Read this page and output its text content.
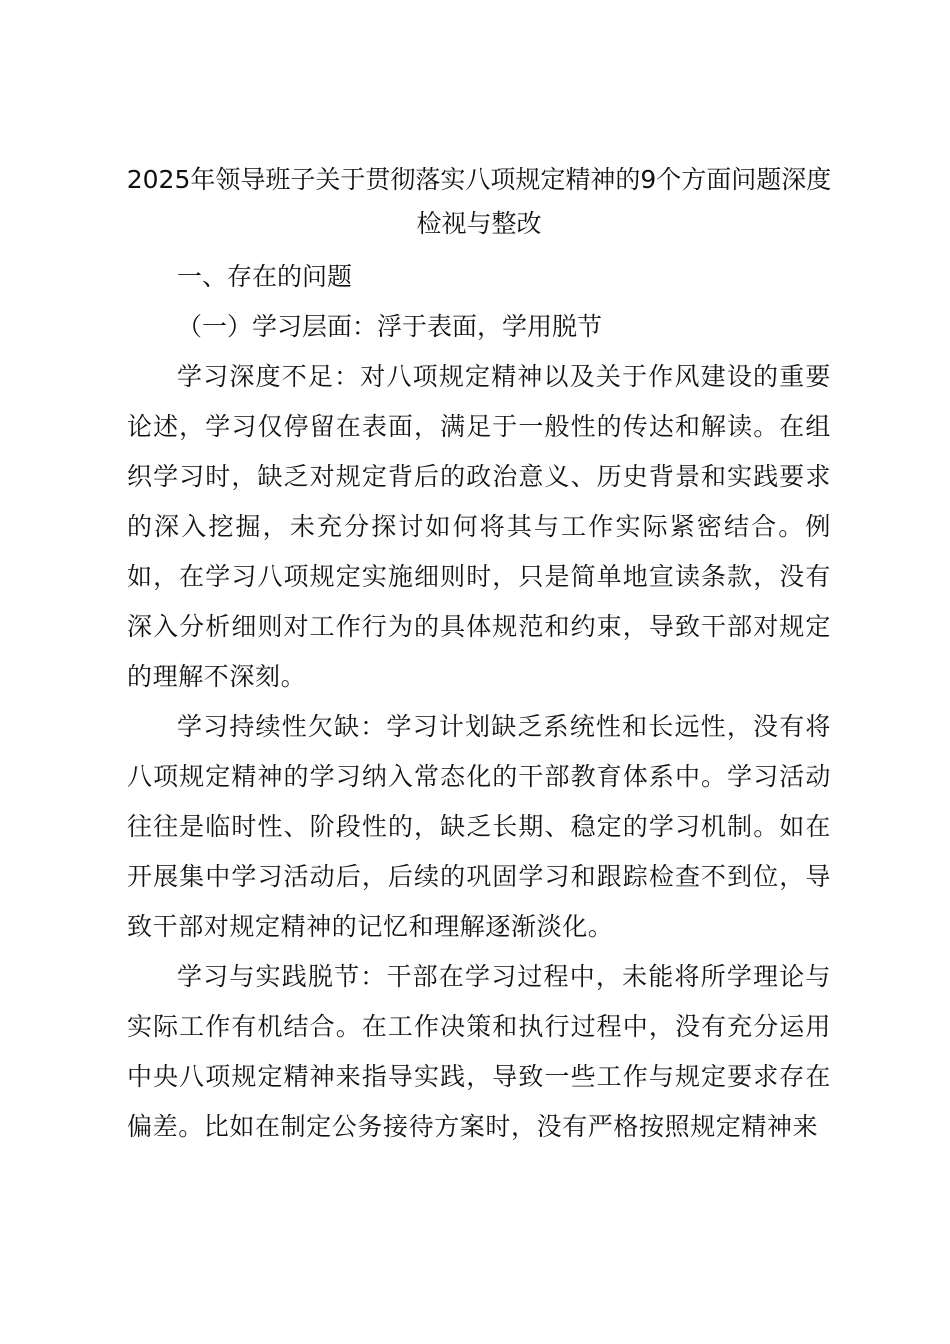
2025年领导班子关于贯彻落实八项规定精神的9个方面问题深度检视与整改

一、存在的问题

（一）学习层面：浮于表面，学用脱节

学习深度不足：对八项规定精神以及关于作风建设的重要论述，学习仅停留在表面，满足于一般性的传达和解读。在组织学习时，缺乏对规定背后的政治意义、历史背景和实践要求的深入挖掘，未充分探讨如何将其与工作实际紧密结合。例如，在学习八项规定实施细则时，只是简单地宣读条款，没有深入分析细则对工作行为的具体规范和约束，导致干部对规定的理解不深刻。

学习持续性欠缺：学习计划缺乏系统性和长远性，没有将八项规定精神的学习纳入常态化的干部教育体系中。学习活动往往是临时性、阶段性的，缺乏长期、稳定的学习机制。如在开展集中学习活动后，后续的巩固学习和跟踪检查不到位，导致干部对规定精神的记忆和理解逐渐淡化。

学习与实践脱节：干部在学习过程中，未能将所学理论与实际工作有机结合。在工作决策和执行过程中，没有充分运用中央八项规定精神来指导实践，导致一些工作与规定要求存在偏差。比如在制定公务接待方案时，没有严格按照规定精神来
